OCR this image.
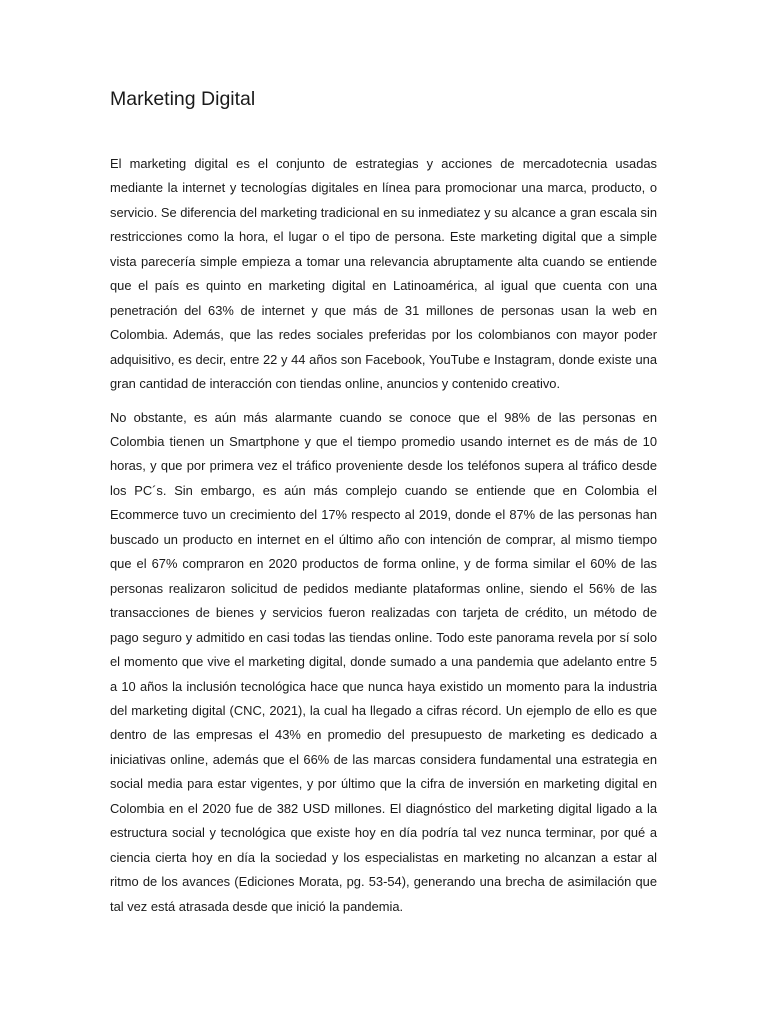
Marketing Digital

El marketing digital es el conjunto de estrategias y acciones de mercadotecnia usadas mediante la internet y tecnologías digitales en línea para promocionar una marca, producto, o servicio. Se diferencia del marketing tradicional en su inmediatez y su alcance a gran escala sin restricciones como la hora, el lugar o el tipo de persona. Este marketing digital que a simple vista parecería simple empieza a tomar una relevancia abruptamente alta cuando se entiende que el país es quinto en marketing digital en Latinoamérica, al igual que cuenta con una penetración del 63% de internet y que más de 31 millones de personas usan la web en Colombia. Además, que las redes sociales preferidas por los colombianos con mayor poder adquisitivo, es decir, entre 22 y 44 años son Facebook, YouTube e Instagram, donde existe una gran cantidad de interacción con tiendas online, anuncios y contenido creativo.

No obstante, es aún más alarmante cuando se conoce que el 98% de las personas en Colombia tienen un Smartphone y que el tiempo promedio usando internet es de más de 10 horas, y que por primera vez el tráfico proveniente desde los teléfonos supera al tráfico desde los PC´s. Sin embargo, es aún más complejo cuando se entiende que en Colombia el Ecommerce tuvo un crecimiento del 17% respecto al 2019, donde el 87% de las personas han buscado un producto en internet en el último año con intención de comprar, al mismo tiempo que el 67% compraron en 2020 productos de forma online, y de forma similar el 60% de las personas realizaron solicitud de pedidos mediante plataformas online, siendo el 56% de las transacciones de bienes y servicios fueron realizadas con tarjeta de crédito, un método de pago seguro y admitido en casi todas las tiendas online. Todo este panorama revela por sí solo el momento que vive el marketing digital, donde sumado a una pandemia que adelanto entre 5 a 10 años la inclusión tecnológica hace que nunca haya existido un momento para la industria del marketing digital (CNC, 2021), la cual ha llegado a cifras récord. Un ejemplo de ello es que dentro de las empresas el 43% en promedio del presupuesto de marketing es dedicado a iniciativas online, además que el 66% de las marcas considera fundamental una estrategia en social media para estar vigentes, y por último que la cifra de inversión en marketing digital en Colombia en el 2020 fue de 382 USD millones. El diagnóstico del marketing digital ligado a la estructura social y tecnológica que existe hoy en día podría tal vez nunca terminar, por qué a ciencia cierta hoy en día la sociedad y los especialistas en marketing no alcanzan a estar al ritmo de los avances (Ediciones Morata, pg. 53-54), generando una brecha de asimilación que tal vez está atrasada desde que inició la pandemia.
